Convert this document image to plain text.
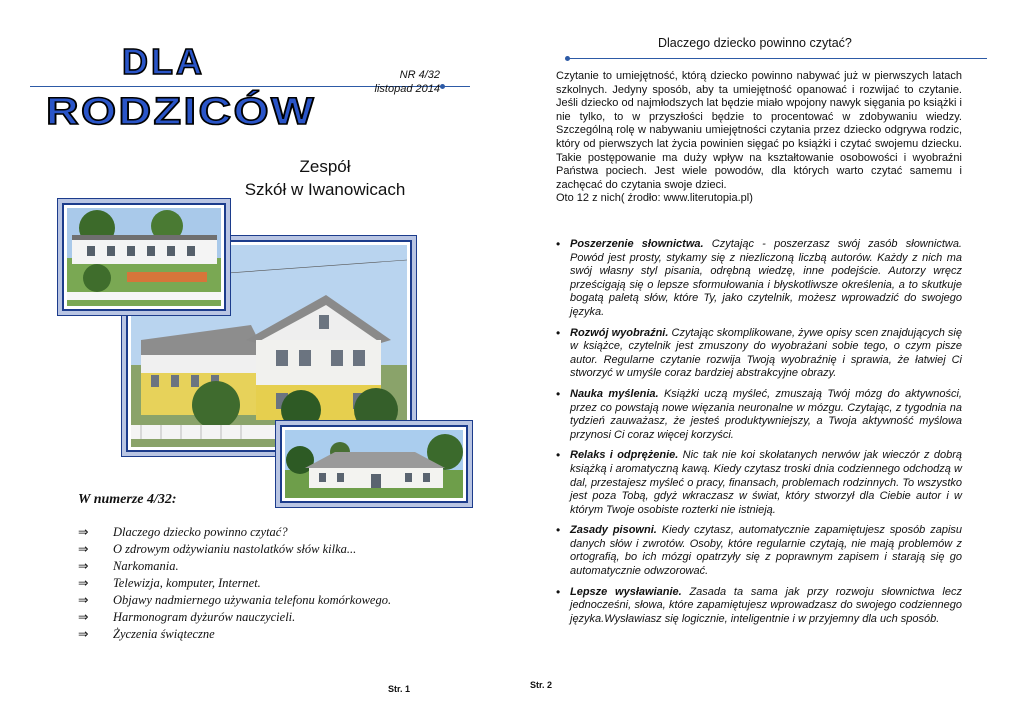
DLA
RODZICÓW
NR 4/32
listopad 2014
Zespół
Szkół w Iwanowicach
W numerze 4/32:
⇒ Dlaczego dziecko powinno czytać?
⇒ O zdrowym odżywianiu nastolatków słów kilka...
⇒ Narkomania.
⇒ Telewizja, komputer, Internet.
⇒ Objawy nadmiernego używania telefonu komórkowego.
⇒ Harmonogram dyżurów nauczycieli.
⇒ Życzenia świąteczne
Str. 1
Dlaczego dziecko powinno czytać?

Czytanie to umiejętność, którą dziecko powinno nabywać już w pierwszych latach szkolnych. Jedyny sposób, aby ta umiejętność opanować i rozwijać to czytanie. Jeśli dziecko od najmłodszych lat będzie miało wpojony nawyk sięgania po książki i nie tylko, to w przyszłości będzie to procentować w zdobywaniu wiedzy. Szczególną rolę w nabywaniu umiejętności czytania przez dziecko odgrywa rodzic, który od pierwszych lat życia powinien sięgać po książki i czytać swojemu dziecku. Takie postępowanie ma duży wpływ na kształtowanie osobowości i wyobraźni Państwa pociech. Jest wiele powodów, dla których warto czytać samemu i zachęcać do czytania swoje dzieci.

Oto 12 z nich( źrodło: www.literutopia.pl)

• Poszerzenie słownictwa. Czytając - poszerzasz swój zasób słownictwa. Powód jest prosty, stykamy się z niezliczoną liczbą autorów. Każdy z nich ma swój własny styl pisania, odrębną wiedzę, inne podejście. Autorzy wręcz prześcigają się o lepsze sformułowania i błyskotliwsze określenia, a to skutkuje bogatą paletą słów, które Ty, jako czytelnik, możesz wprowadzić do swojego języka.
• Rozwój wyobraźni. Czytając skomplikowane, żywe opisy scen znajdujących się w książce, czytelnik jest zmuszony do wyobrażani sobie tego, o czym pisze autor. Regularne czytanie rozwija Twoją wyobraźnię i sprawia, że łatwiej Ci stworzyć w umyśle coraz bardziej abstrakcyjne obrazy.
• Nauka myślenia. Książki uczą myśleć, zmuszają Twój mózg do aktywności, przez co powstają nowe więzania neuronalne w mózgu. Czytając, z tygodnia na tydzień zauważasz, że jesteś produktywniejszy, a Twoja aktywność myślowa przynosi Ci coraz więcej korzyści.
• Relaks i odprężenie. Nic tak nie koi skołatanych nerwów jak wieczór z dobrą książką i aromatyczną kawą. Kiedy czytasz troski dnia codziennego odchodzą w dal, przestajesz myśleć o pracy, finansach, problemach rodzinnych. To wszystko jest poza Tobą, gdyż wkraczasz w świat, który stworzył dla Ciebie autor i w którym Twoje osobiste rozterki nie istnieją.
• Zasady pisowni. Kiedy czytasz, automatycznie zapamiętujesz sposób zapisu danych słów i zwrotów. Osoby, które regularnie czytają, nie mają problemów z ortografią, bo ich mózgi opatrzyły się z poprawnym zapisem i starają się go automatycznie odwzorować.
• Lepsze wysławianie. Zasada ta sama jak przy rozwoju słownictwa lecz jednocześni, słowa, które zapamiętujesz wprowadzasz do swojego codziennego języka.Wysławiasz się logicznie, inteligentnie i w przyjemny dla uch sposób.
Str. 2
